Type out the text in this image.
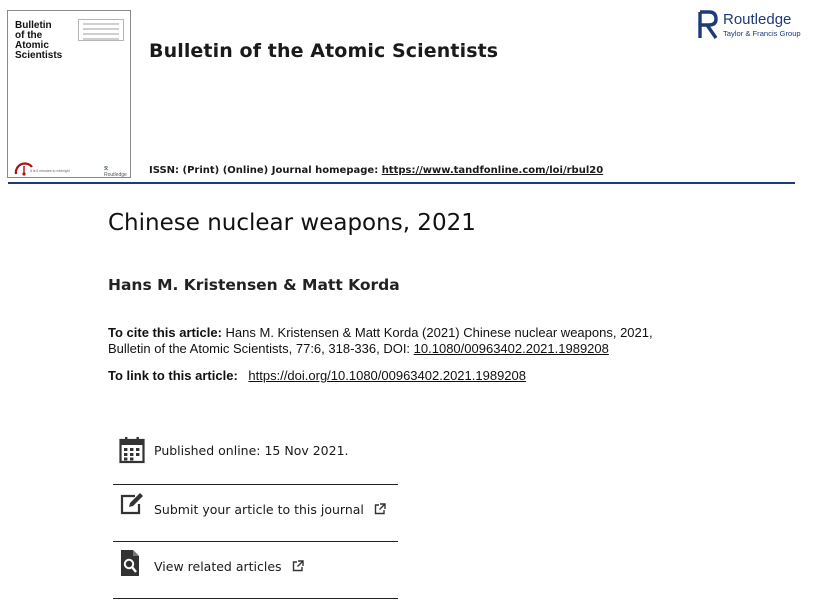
Bulletin
of the
Atomic
Scientists
It is 5 minutes to midnight	ℛ Routledge
Bulletin of the Atomic Scientists
Routledge
Taylor & Francis Group
ISSN: (Print) (Online) Journal homepage: https://www.tandfonline.com/loi/rbul20
Chinese nuclear weapons, 2021
Hans M. Kristensen & Matt Korda
To cite this article: Hans M. Kristensen & Matt Korda (2021) Chinese nuclear weapons, 2021,
Bulletin of the Atomic Scientists, 77:6, 318-336, DOI: 10.1080/00963402.2021.1989208
To link to this article: https://doi.org/10.1080/00963402.2021.1989208
Published online: 15 Nov 2021.
Submit your article to this journal
View related articles
